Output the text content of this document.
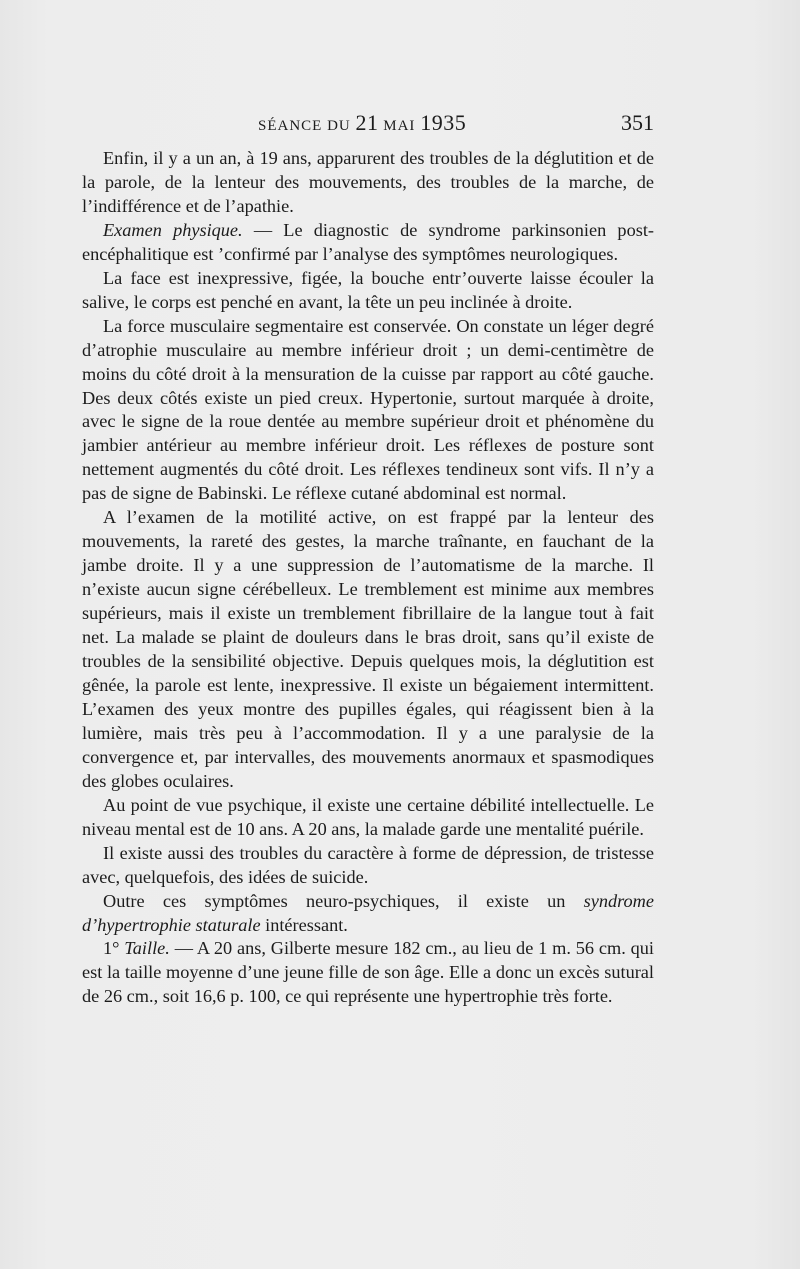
SÉANCE DU 21 MAI 1935	351

Enfin, il y a un an, à 19 ans, apparurent des troubles de la déglutition et de la parole, de la lenteur des mouvements, des troubles de la marche, de l’indifférence et de l’apathie.

Examen physique. — Le diagnostic de syndrome parkinsonien post-encéphalitique est ’confirmé par l’analyse des symptômes neurologiques.

La face est inexpressive, figée, la bouche entr’ouverte laisse écouler la salive, le corps est penché en avant, la tête un peu inclinée à droite.

La force musculaire segmentaire est conservée. On constate un léger degré d’atrophie musculaire au membre inférieur droit ; un demi-centimètre de moins du côté droit à la mensuration de la cuisse par rapport au côté gauche. Des deux côtés existe un pied creux. Hypertonie, surtout marquée à droite, avec le signe de la roue dentée au membre supérieur droit et phénomène du jambier antérieur au membre inférieur droit. Les réflexes de posture sont nettement augmentés du côté droit. Les réflexes tendineux sont vifs. Il n’y a pas de signe de Babinski. Le réflexe cutané abdominal est normal.

A l’examen de la motilité active, on est frappé par la lenteur des mouvements, la rareté des gestes, la marche traînante, en fauchant de la jambe droite. Il y a une suppression de l’automatisme de la marche. Il n’existe aucun signe cérébelleux. Le tremblement est minime aux membres supérieurs, mais il existe un tremblement fibrillaire de la langue tout à fait net. La malade se plaint de douleurs dans le bras droit, sans qu’il existe de troubles de la sensibilité objective. Depuis quelques mois, la déglutition est gênée, la parole est lente, inexpressive. Il existe un bégaiement intermittent. L’examen des yeux montre des pupilles égales, qui réagissent bien à la lumière, mais très peu à l’accommodation. Il y a une paralysie de la convergence et, par intervalles, des mouvements anormaux et spasmodiques des globes oculaires.

Au point de vue psychique, il existe une certaine débilité intellectuelle. Le niveau mental est de 10 ans. A 20 ans, la malade garde une mentalité puérile.

Il existe aussi des troubles du caractère à forme de dépression, de tristesse avec, quelquefois, des idées de suicide.

Outre ces symptômes neuro-psychiques, il existe un syndrome d’hypertrophie staturale intéressant.

1° Taille. — A 20 ans, Gilberte mesure 182 cm., au lieu de 1 m. 56 cm. qui est la taille moyenne d’une jeune fille de son âge. Elle a donc un excès sutural de 26 cm., soit 16,6 p. 100, ce qui représente une hypertrophie très forte.
